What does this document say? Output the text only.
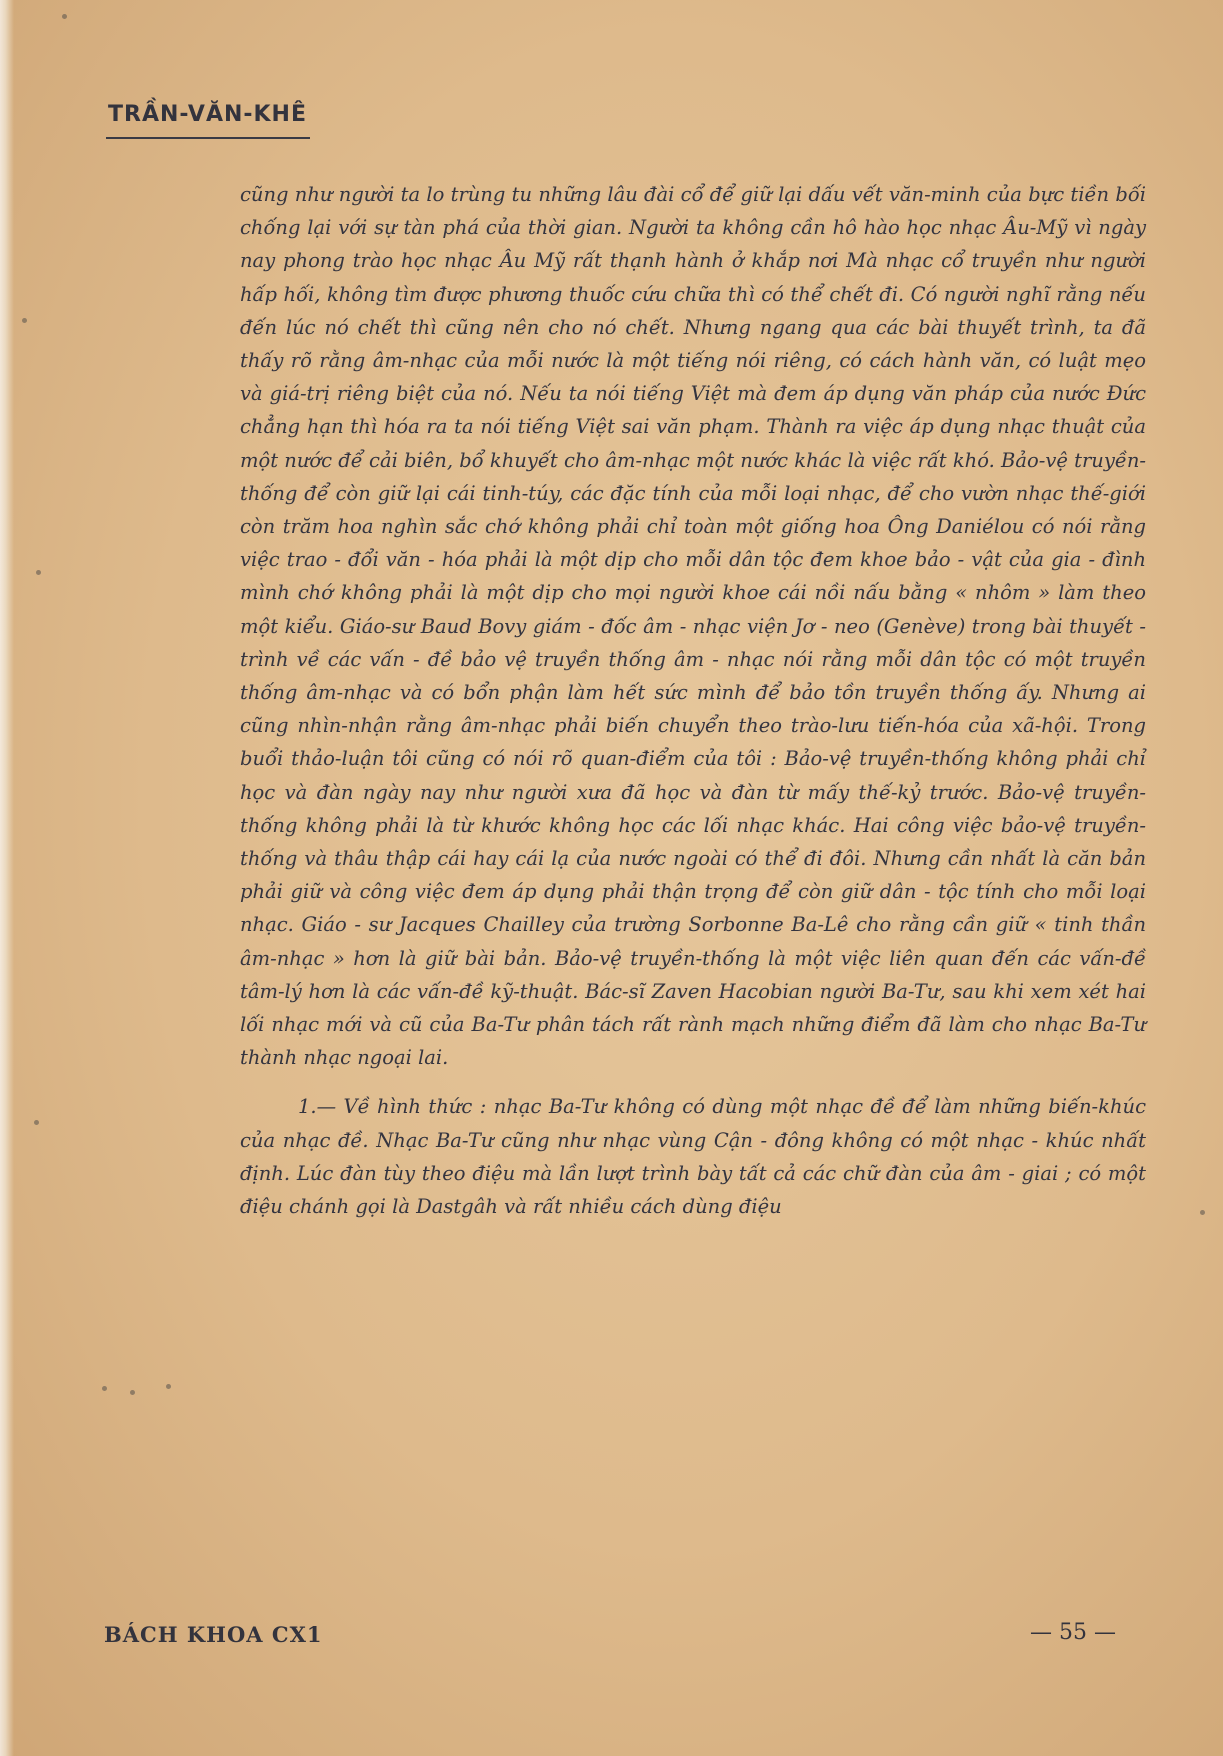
TRẦN-VĂN-KHÊ

cũng như người ta lo trùng tu những lâu đài cổ để giữ lại dấu vết văn-minh của bực tiền bối chống lại với sự tàn phá của thời gian. Người ta không cần hô hào học nhạc Âu-Mỹ vì ngày nay phong trào học nhạc Âu Mỹ rất thạnh hành ở khắp nơi Mà nhạc cổ truyền như người hấp hối, không tìm được phương thuốc cứu chữa thì có thể chết đi. Có người nghĩ rằng nếu đến lúc nó chết thì cũng nên cho nó chết. Nhưng ngang qua các bài thuyết trình, ta đã thấy rõ rằng âm-nhạc của mỗi nước là một tiếng nói riêng, có cách hành văn, có luật mẹo và giá-trị riêng biệt của nó. Nếu ta nói tiếng Việt mà đem áp dụng văn pháp của nước Đức chẳng hạn thì hóa ra ta nói tiếng Việt sai văn phạm. Thành ra việc áp dụng nhạc thuật của một nước để cải biên, bổ khuyết cho âm-nhạc một nước khác là việc rất khó. Bảo-vệ truyền-thống để còn giữ lại cái tinh-túy, các đặc tính của mỗi loại nhạc, để cho vườn nhạc thế-giới còn trăm hoa nghìn sắc chớ không phải chỉ toàn một giống hoa Ông Daniélou có nói rằng việc trao - đổi văn - hóa phải là một dịp cho mỗi dân tộc đem khoe bảo - vật của gia - đình mình chớ không phải là một dịp cho mọi người khoe cái nồi nấu bằng « nhôm » làm theo một kiểu. Giáo-sư Baud Bovy giám - đốc âm - nhạc viện Jơ - neo (Genève) trong bài thuyết - trình về các vấn - đề bảo vệ truyền thống âm - nhạc nói rằng mỗi dân tộc có một truyền thống âm-nhạc và có bổn phận làm hết sức mình để bảo tồn truyền thống ấy. Nhưng ai cũng nhìn-nhận rằng âm-nhạc phải biến chuyển theo trào-lưu tiến-hóa của xã-hội. Trong buổi thảo-luận tôi cũng có nói rõ quan-điểm của tôi : Bảo-vệ truyền-thống không phải chỉ học và đàn ngày nay như người xưa đã học và đàn từ mấy thế-kỷ trước. Bảo-vệ truyền-thống không phải là từ khước không học các lối nhạc khác. Hai công việc bảo-vệ truyền-thống và thâu thập cái hay cái lạ của nước ngoài có thể đi đôi. Nhưng cần nhất là căn bản phải giữ và công việc đem áp dụng phải thận trọng để còn giữ dân - tộc tính cho mỗi loại nhạc. Giáo - sư Jacques Chailley của trường Sorbonne Ba-Lê cho rằng cần giữ « tinh thần âm-nhạc » hơn là giữ bài bản. Bảo-vệ truyền-thống là một việc liên quan đến các vấn-đề tâm-lý hơn là các vấn-đề kỹ-thuật. Bác-sĩ Zaven Hacobian người Ba-Tư, sau khi xem xét hai lối nhạc mới và cũ của Ba-Tư phân tách rất rành mạch những điểm đã làm cho nhạc Ba-Tư thành nhạc ngoại lai.

1.— Về hình thức : nhạc Ba-Tư không có dùng một nhạc đề để làm những biến-khúc của nhạc đề. Nhạc Ba-Tư cũng như nhạc vùng Cận - đông không có một nhạc - khúc nhất định. Lúc đàn tùy theo điệu mà lần lượt trình bày tất cả các chữ đàn của âm - giai ; có một điệu chánh gọi là Dastgâh và rất nhiều cách dùng điệu

BÁCH KHOA CX1	— 55 —
